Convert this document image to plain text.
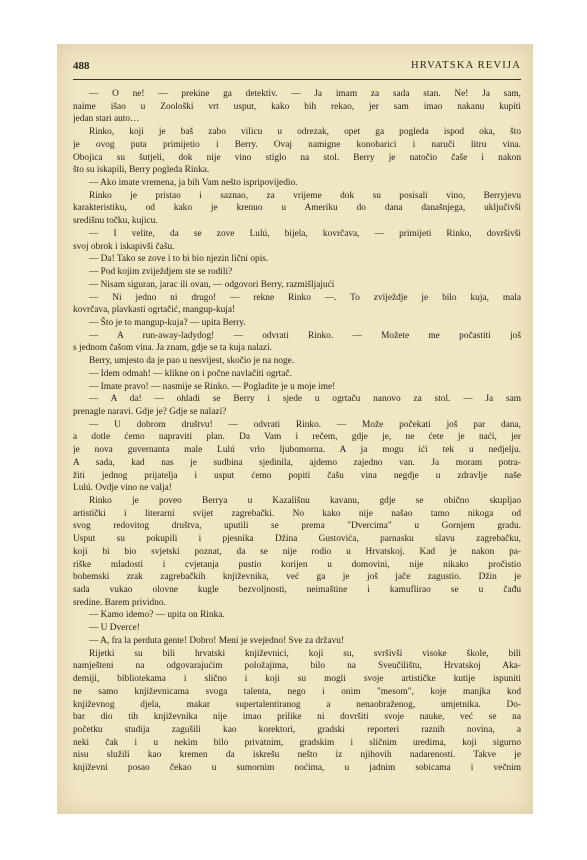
488	HRVATSKA REVIJA
— O ne! — prekine ga detektiv. — Ja imam za sada stan. Ne! Ja sam,
naime išao u Zoološki vrt usput, kako bih rekao, jer sam imao nakanu kupiti
jedan stari auto…
Rinko, koji je baš zabo vilicu u odrezak, opet ga pogleda ispod oka, što
je ovog puta primijetio i Berry. Ovaj namigne konobarici i naruči litru vina.
Obojica su šutjeli, dok nije vino stiglo na stol. Berry je natočio čaše i nakon
što su iskapili, Berry pogleda Rinka.
— Ako imate vremena, ja bih Vam nešto ispripovijedio.
Rinko je pristao i saznao, za vrijeme dok su posisali vino, Berryjevu
karakteristiku, od kako je krenuo u Ameriku do dana današnjega, uključivši
središnu točku, kujicu.
— I velite, da se zove Lulú, bijela, kovrčava, — primijeti Rinko, dovršivši
svoj obrok i iskapivši čašu.
— Da! Tako se zove i to bi bio njezin lični opis.
— Pod kojim zviježdjem ste se rodili?
— Nisam siguran, jarac ili ovan, — odgovori Berry, razmišljajući
— Ni jedno ni drugo! — rekne Rinko —. To zviježdje je bilo kuja, mala
kovrčava, plavkasti ogrtačić, mangup-kuja!
— Što je to mangup-kuja? — upita Berry.
— A run-away-ladydog! — odvrati Rinko. — Možete me počastiti još
s jednom čašom vina. Ja znam, gdje se ta kuja nalazi.
Berry, umjesto da je pao u nesvijest, skočio je na noge.
— Idem odmah! — klikne on i počne navlačiti ogrtač.
— Imate pravo! — nasmije se Rinko. — Pogladite je u moje ime!
— A da! — ohladi se Berry i sjede u ogrtaču nanovo za stol. — Ja sam
prenagle naravi. Gdje je? Gdje se nalazi?
— U dobrom društvu! — odvrati Rinko. — Može počekati još par dana,
a dotle ćemo napraviti plan. Da Vam i rečem, gdje je, ne ćete je naći, jer
je nova guvernanta male Lulú vrlo ljubomorna. A ja mogu ići tek u nedjelju.
A sada, kad nas je sudbina sjedinila, ajdemo zajedno van. Ja moram potra-
žiti jednog prijatelja i usput ćemo popiti čašu vina negdje u zdravlje naše
Lulú. Ovdje vino ne valja!
Rinko je poveo Berrya u Kazališnu kavanu, gdje se obično skupljao
artistički i literarni svijet zagrebački. No kako nije našao tamo nikoga od
svog redovitog društva, uputili se prema "Dvercima" u Gornjem gradu.
Usput su pokupili i pjesnika Džina Gustovića, parnasku slavu zagrebačku,
koji bi bio svjetski poznat, da se nije rodio u Hrvatskoj. Kad je nakon pa-
riške mladosti i cvjetanja pustio korijen u domovini, nije nikako pročistio
bohemski zrak zagrebačkih književnika, već ga je još jače zagustio. Džin je
sada vukao olovne kugle bezvoljnosti, neimaštine i kamuflirao se u čađu
sredine. Barem prividno.
— Kamo idemo? — upita on Rinka.
— U Dverce!
— A, fra la perduta gente! Dobro! Meni je svejedno! Sve za državu!
Rijetki su bili hrvatski književnici, koji su, svršivši visoke škole, bili
namješteni na odgovarajućim položajima, bilo na Sveučilištu, Hrvatskoj Aka-
demiji, bibliotekama i slično i koji su mogli svoje artističke kutije ispuniti
ne samo književnicama svoga talenta, nego i onim "mesom", koje manjka kod
književnog djela, makar supertalentiranog a nenaobraženog, umjetnika. Do-
bar dio tih književnika nije imao prilike ni dovršiti svoje nauke, već se na
početku studija zagušili kao korektori, gradski reporteri raznih novina, a
neki čak i u nekim bilo privatnim, gradskim i sličnim uredima, koji sigurno
nisu služili kao kremen da iskrešu nešto iz njihovih nadarenosti. Takve je
književni posao čekao u sumornim noćima, u jadnim sobicama i večnim
